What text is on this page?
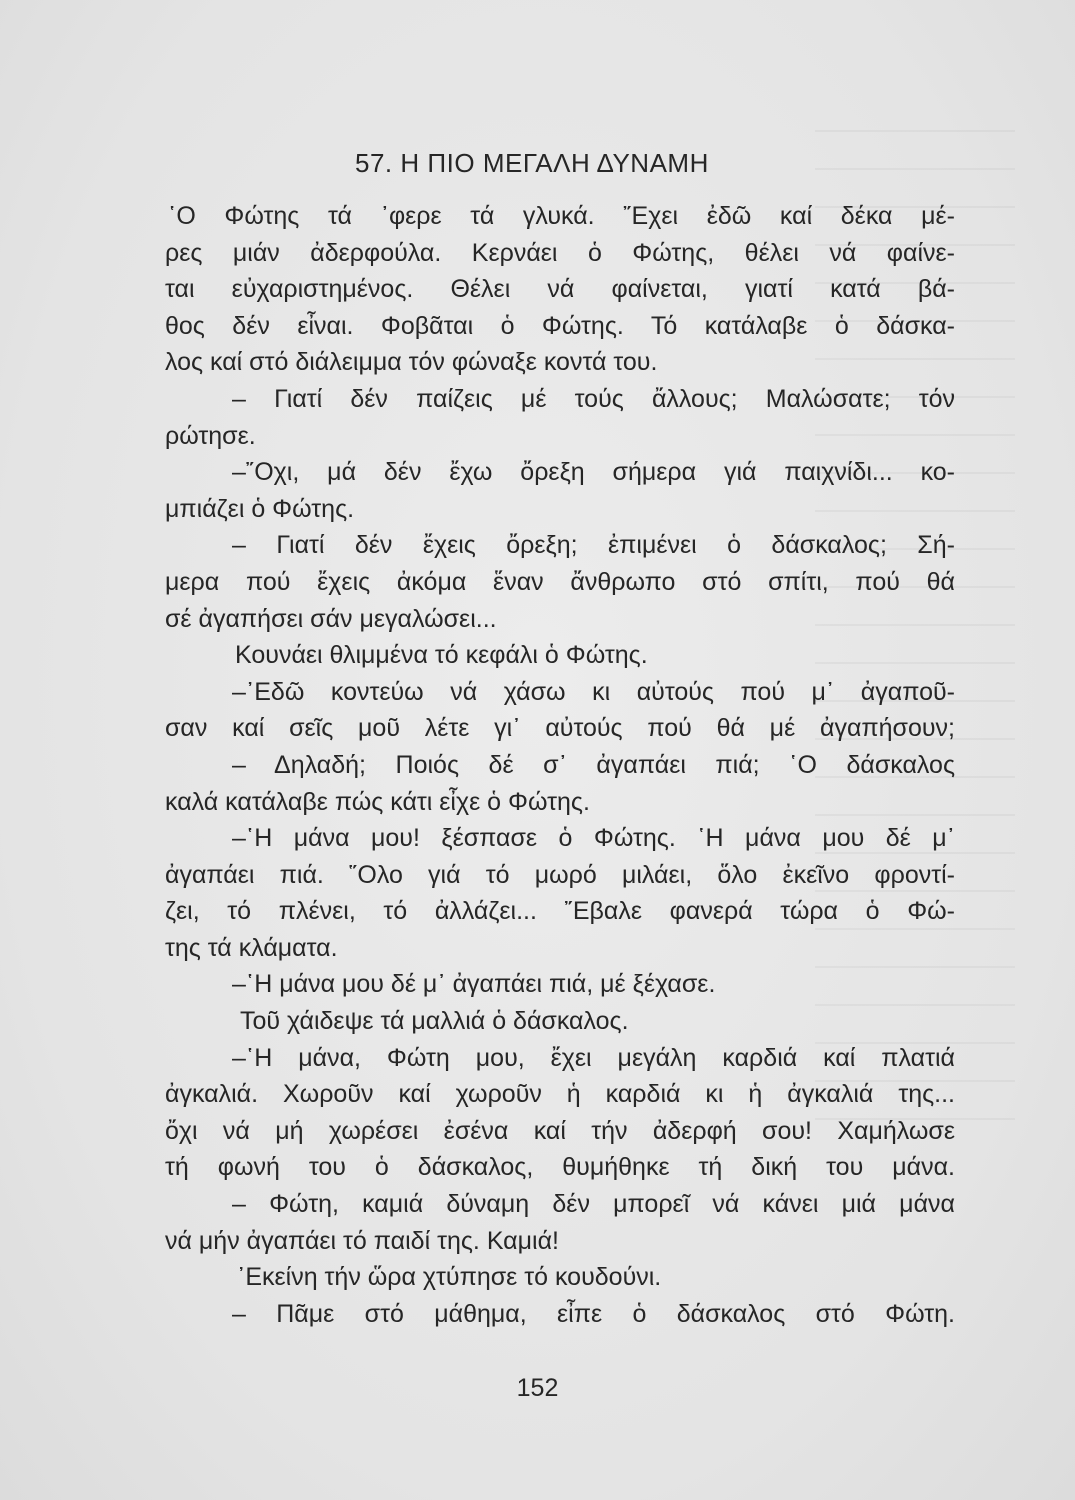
57. Η ΠΙΟ ΜΕΓΑΛΗ ΔΥΝΑΜΗ
῾Ο Φώτης τά ᾿φερε τά γλυκά. ῎Εχει ἐδῶ καί δέκα μέ-
ρες μιάν ἀδερφούλα. Κερνάει ὁ Φώτης, θέλει νά φαίνε-
ται εὐχαριστημένος. Θέλει νά φαίνεται, γιατί κατά βά-
θος δέν εἶναι. Φοβᾶται ὁ Φώτης. Τό κατάλαβε ὁ δάσκα-
λος καί στό διάλειμμα τόν φώναξε κοντά του.
– Γιατί δέν παίζεις μέ τούς ἄλλους; Μαλώσατε; τόν
ρώτησε.
–῎Οχι, μά δέν ἔχω ὄρεξη σήμερα γιά παιχνίδι... κο-
μπιάζει ὁ Φώτης.
– Γιατί δέν ἔχεις ὄρεξη; ἐπιμένει ὁ δάσκαλος; Σή-
μερα πού ἔχεις ἀκόμα ἕναν ἄνθρωπο στό σπίτι, πού θά
σέ ἀγαπήσει σάν μεγαλώσει...
Κουνάει θλιμμένα τό κεφάλι ὁ Φώτης.
–᾿Εδῶ κοντεύω νά χάσω κι αὐτούς πού μ᾿ ἀγαποῦ-
σαν καί σεῖς μοῦ λέτε γι᾿ αὐτούς πού θά μέ ἀγαπήσουν;
– Δηλαδή; Ποιός δέ σ᾿ ἀγαπάει πιά; ῾Ο δάσκαλος
καλά κατάλαβε πώς κάτι εἶχε ὁ Φώτης.
–῾Η μάνα μου! ξέσπασε ὁ Φώτης. ῾Η μάνα μου δέ μ᾿
ἀγαπάει πιά. ῞Ολο γιά τό μωρό μιλάει, ὅλο ἐκεῖνο φροντί-
ζει, τό πλένει, τό ἀλλάζει... ῎Εβαλε φανερά τώρα ὁ Φώ-
της τά κλάματα.
–῾Η μάνα μου δέ μ᾿ ἀγαπάει πιά, μέ ξέχασε.
Τοῦ χάιδεψε τά μαλλιά ὁ δάσκαλος.
–῾Η μάνα, Φώτη μου, ἔχει μεγάλη καρδιά καί πλατιά
ἀγκαλιά. Χωροῦν καί χωροῦν ἡ καρδιά κι ἡ ἀγκαλιά της...
ὄχι νά μή χωρέσει ἐσένα καί τήν ἀδερφή σου! Χαμήλωσε
τή φωνή του ὁ δάσκαλος, θυμήθηκε τή δική του μάνα.
– Φώτη, καμιά δύναμη δέν μπορεῖ νά κάνει μιά μάνα
νά μήν ἀγαπάει τό παιδί της. Καμιά!
᾿Εκείνη τήν ὥρα χτύπησε τό κουδούνι.
– Πᾶμε στό μάθημα, εἶπε ὁ δάσκαλος στό Φώτη.
152
